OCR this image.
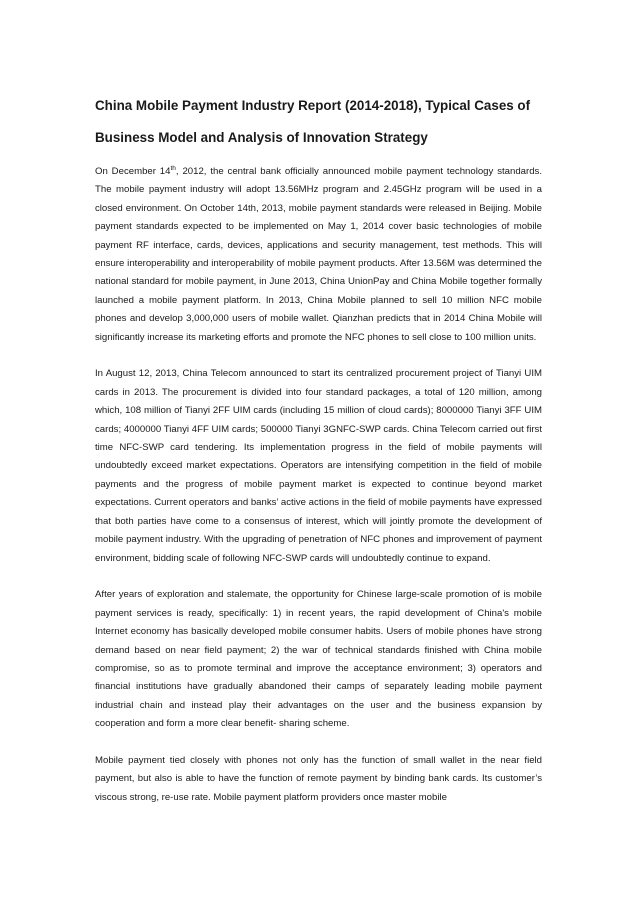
China Mobile Payment Industry Report (2014-2018), Typical Cases of Business Model and Analysis of Innovation Strategy

On December 14th, 2012, the central bank officially announced mobile payment technology standards. The mobile payment industry will adopt 13.56MHz program and 2.45GHz program will be used in a closed environment. On October 14th, 2013, mobile payment standards were released in Beijing. Mobile payment standards expected to be implemented on May 1, 2014 cover basic technologies of mobile payment RF interface, cards, devices, applications and security management, test methods. This will ensure interoperability and interoperability of mobile payment products. After 13.56M was determined the national standard for mobile payment, in June 2013, China UnionPay and China Mobile together formally launched a mobile payment platform. In 2013, China Mobile planned to sell 10 million NFC mobile phones and develop 3,000,000 users of mobile wallet. Qianzhan predicts that in 2014 China Mobile will significantly increase its marketing efforts and promote the NFC phones to sell close to 100 million units.

In August 12, 2013, China Telecom announced to start its centralized procurement project of Tianyi UIM cards in 2013. The procurement is divided into four standard packages, a total of 120 million, among which, 108 million of Tianyi 2FF UIM cards (including 15 million of cloud cards); 8000000 Tianyi 3FF UIM cards; 4000000 Tianyi 4FF UIM cards; 500000 Tianyi 3GNFC-SWP cards. China Telecom carried out first time NFC-SWP card tendering. Its implementation progress in the field of mobile payments will undoubtedly exceed market expectations. Operators are intensifying competition in the field of mobile payments and the progress of mobile payment market is expected to continue beyond market expectations. Current operators and banks’ active actions in the field of mobile payments have expressed that both parties have come to a consensus of interest, which will jointly promote the development of mobile payment industry. With the upgrading of penetration of NFC phones and improvement of payment environment, bidding scale of following NFC-SWP cards will undoubtedly continue to expand.

After years of exploration and stalemate, the opportunity for Chinese large-scale promotion of is mobile payment services is ready, specifically: 1) in recent years, the rapid development of China's mobile Internet economy has basically developed mobile consumer habits. Users of mobile phones have strong demand based on near field payment; 2) the war of technical standards finished with China mobile compromise, so as to promote terminal and improve the acceptance environment; 3) operators and financial institutions have gradually abandoned their camps of separately leading mobile payment industrial chain and instead play their advantages on the user and the business expansion by cooperation and form a more clear benefit- sharing scheme.

Mobile payment tied closely with phones not only has the function of small wallet in the near field payment, but also is able to have the function of remote payment by binding bank cards. Its customer’s viscous strong, re-use rate. Mobile payment platform providers once master mobile
